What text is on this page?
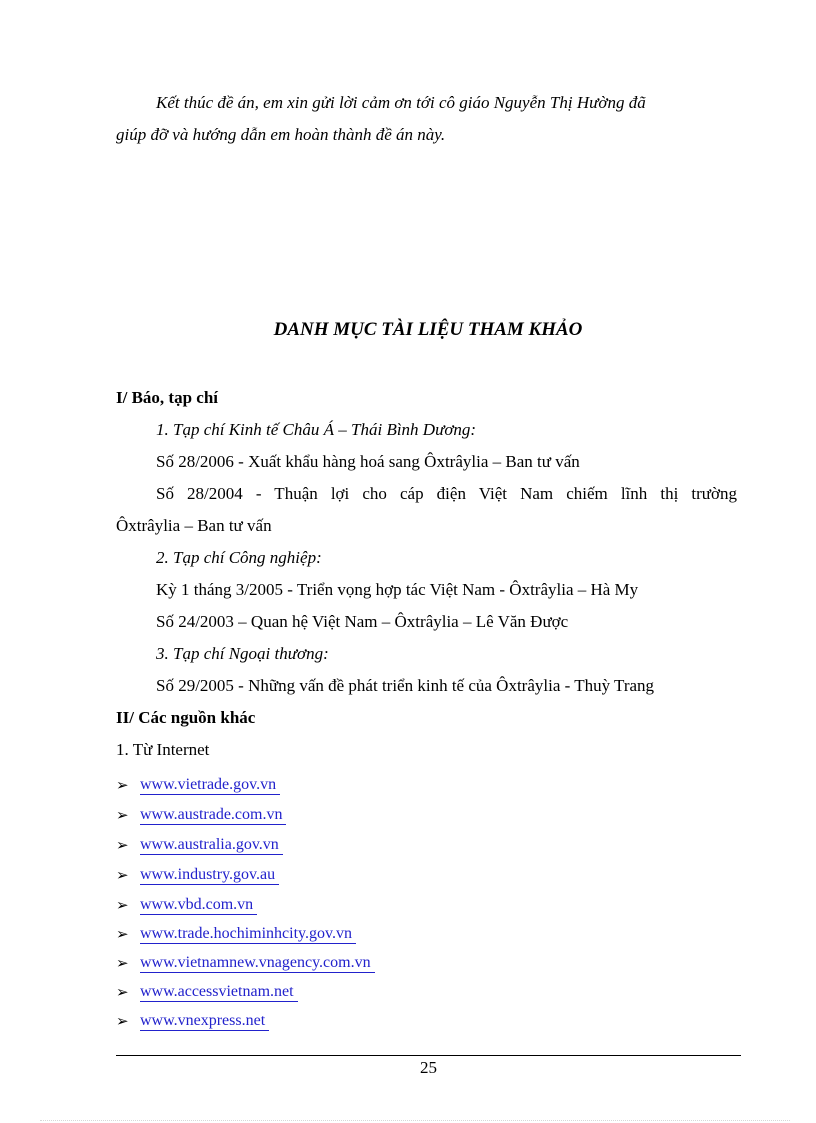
Kết thúc đề án, em xin gửi lời cảm ơn tới cô giáo Nguyễn Thị Hường đã
giúp đỡ và hướng dẫn em hoàn thành đề án này.
DANH MỤC TÀI LIỆU THAM KHẢO
I/ Báo, tạp chí
1. Tạp chí Kinh tế Châu Á – Thái Bình Dương:
Số 28/2006 - Xuất khẩu hàng hoá sang Ôxtrâylia – Ban tư vấn
Số 28/2004 - Thuận lợi cho cáp điện Việt Nam chiếm lĩnh thị trường
Ôxtrâylia – Ban tư vấn
2. Tạp chí Công nghiệp:
Kỳ 1 tháng 3/2005 - Triển vọng hợp tác Việt Nam - Ôxtrâylia – Hà My
Số 24/2003 – Quan hệ Việt Nam – Ôxtrâylia – Lê Văn Được
3. Tạp chí Ngoại thương:
Số 29/2005 - Những vấn đề phát triển kinh tế của Ôxtrâylia - Thuỳ Trang
II/ Các nguồn khác
1. Từ Internet
➢ www.vietrade.gov.vn
➢ www.austrade.com.vn
➢ www.australia.gov.vn
➢ www.industry.gov.au
➢ www.vbd.com.vn
➢ www.trade.hochiminhcity.gov.vn
➢ www.vietnamnew.vnagency.com.vn
➢ www.accessvietnam.net
➢ www.vnexpress.net
25
